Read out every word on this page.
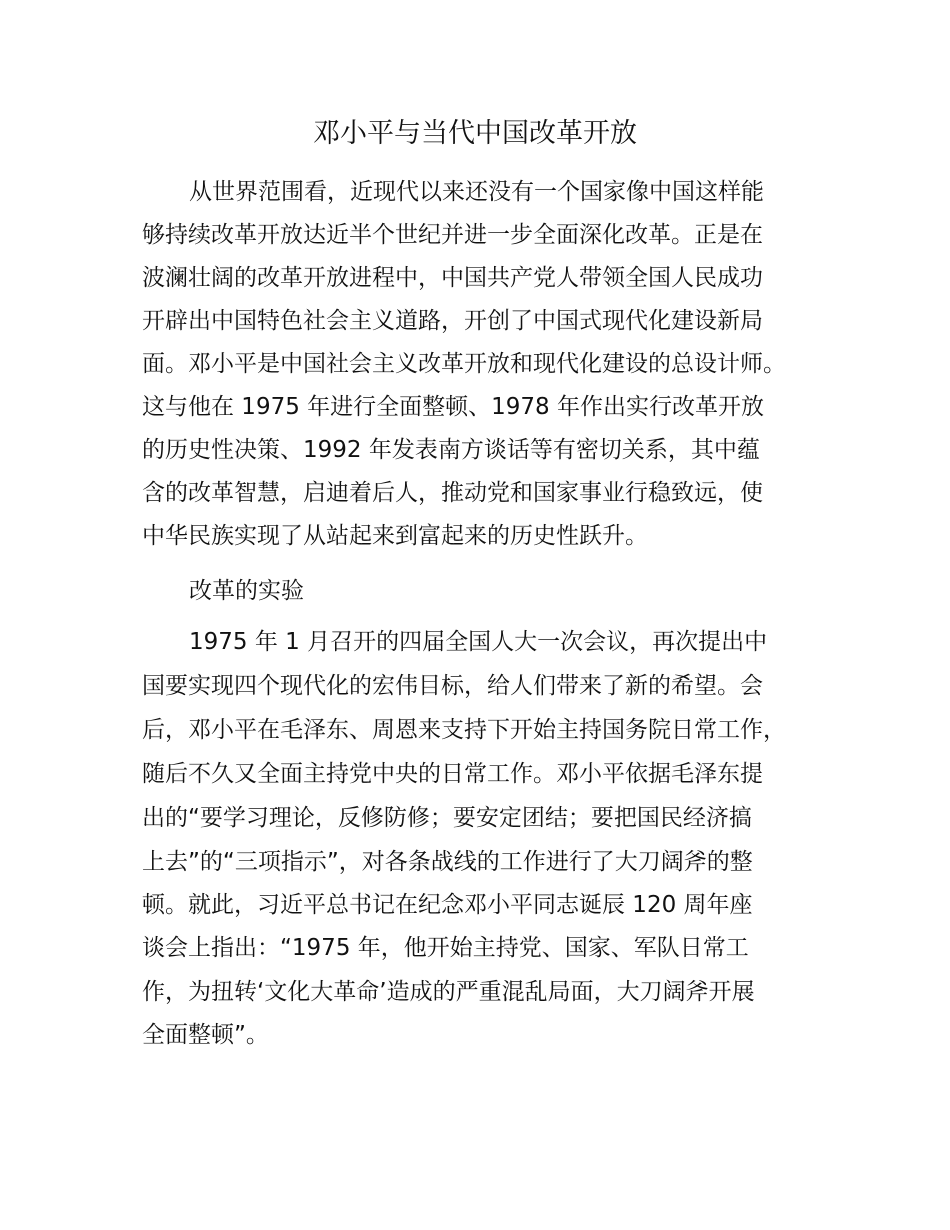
邓小平与当代中国改革开放

从世界范围看，近现代以来还没有一个国家像中国这样能

够持续改革开放达近半个世纪并进一步全面深化改革。正是在

波澜壮阔的改革开放进程中，中国共产党人带领全国人民成功

开辟出中国特色社会主义道路，开创了中国式现代化建设新局

面。邓小平是中国社会主义改革开放和现代化建设的总设计师。

这与他在 1975 年进行全面整顿、1978 年作出实行改革开放

的历史性决策、1992 年发表南方谈话等有密切关系，其中蕴

含的改革智慧，启迪着后人，推动党和国家事业行稳致远，使

中华民族实现了从站起来到富起来的历史性跃升。

改革的实验

1975 年 1 月召开的四届全国人大一次会议，再次提出中

国要实现四个现代化的宏伟目标，给人们带来了新的希望。会

后，邓小平在毛泽东、周恩来支持下开始主持国务院日常工作，

随后不久又全面主持党中央的日常工作。邓小平依据毛泽东提

出的“要学习理论，反修防修；要安定团结；要把国民经济搞

上去”的“三项指示”，对各条战线的工作进行了大刀阔斧的整

顿。就此，习近平总书记在纪念邓小平同志诞辰 120 周年座

谈会上指出：“1975 年，他开始主持党、国家、军队日常工

作，为扭转‘文化大革命’造成的严重混乱局面，大刀阔斧开展

全面整顿”。
